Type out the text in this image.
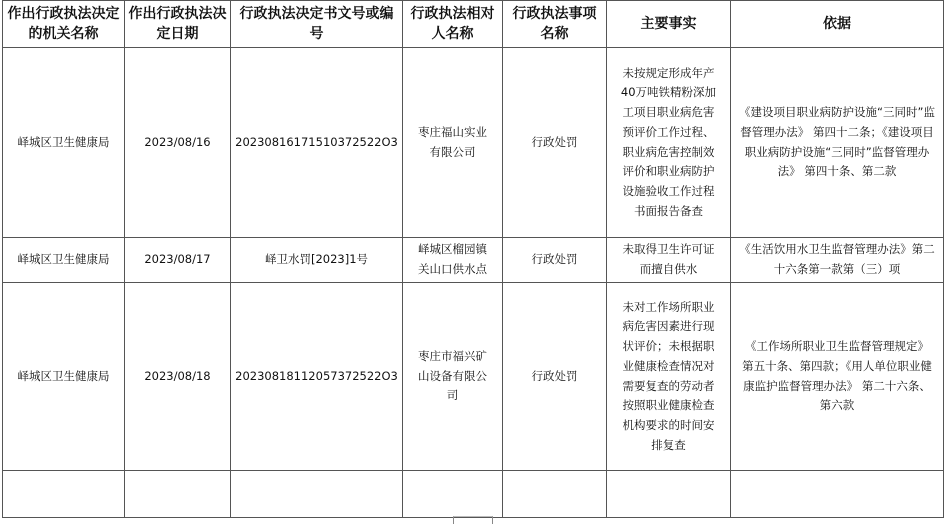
作出行政执法决定的机关名称	作出行政执法决定日期	行政执法决定书文号或编号	行政执法相对人名称	行政执法事项名称	主要事实	依据
峄城区卫生健康局	2023/08/16	20230816171510372522O3	枣庄福山实业有限公司	行政处罚	未按规定形成年产40万吨铁精粉深加工项目职业病危害预评价工作过程、职业病危害控制效评价和职业病防护设施验收工作过程书面报告备查	《建设项目职业病防护设施“三同时”监督管理办法》 第四十二条；《建设项目职业病防护设施“三同时”监督管理办法》 第四十条、第二款
峄城区卫生健康局	2023/08/17	峄卫水罚[2023]1号	峄城区榴园镇关山口供水点	行政处罚	未取得卫生许可证而擅自供水	《生活饮用水卫生监督管理办法》第二十六条第一款第（三）项
峄城区卫生健康局	2023/08/18	20230818112057372522O3	枣庄市福兴矿山设备有限公司	行政处罚	未对工作场所职业病危害因素进行现状评价；未根据职业健康检查情况对需要复查的劳动者按照职业健康检查机构要求的时间安排复查	《工作场所职业卫生监督管理规定》 第五十条、第四款；《用人单位职业健康监护监督管理办法》 第二十六条、第六款
